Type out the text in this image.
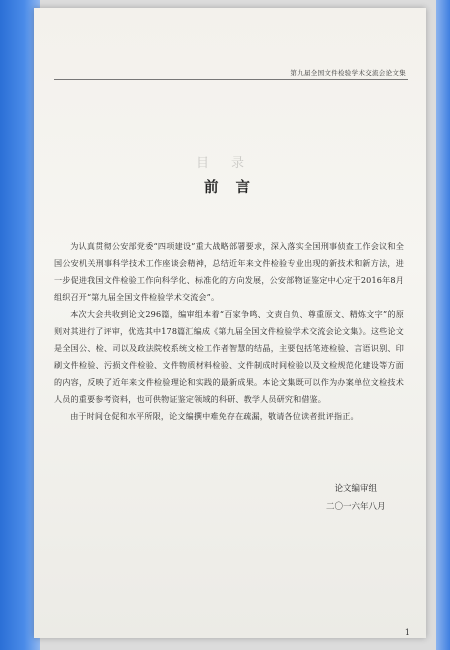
第九届全国文件检验学术交流会论文集
目录
前 言

为认真贯彻公安部党委“四项建设”重大战略部署要求，深入落实全国刑事侦查工作会议和全国公安机关刑事科学技术工作座谈会精神，总结近年来文件检验专业出现的新技术和新方法，进一步促进我国文件检验工作向科学化、标准化的方向发展，公安部物证鉴定中心定于2016年8月组织召开“第九届全国文件检验学术交流会”。

本次大会共收到论文296篇，编审组本着“百家争鸣、文责自负、尊重原文、精炼文字”的原则对其进行了评审，优选其中178篇汇编成《第九届全国文件检验学术交流会论文集》。这些论文是全国公、检、司以及政法院校系统文检工作者智慧的结晶，主要包括笔迹检验、言语识别、印刷文件检验、污损文件检验、文件物质材料检验、文件制成时间检验以及文检规范化建设等方面的内容，反映了近年来文件检验理论和实践的最新成果。本论文集既可以作为办案单位文检技术人员的重要参考资料，也可供物证鉴定领域的科研、教学人员研究和借鉴。

由于时间仓促和水平所限，论文编撰中难免存在疏漏，敬请各位读者批评指正。

论文编审组
二〇一六年八月
1
